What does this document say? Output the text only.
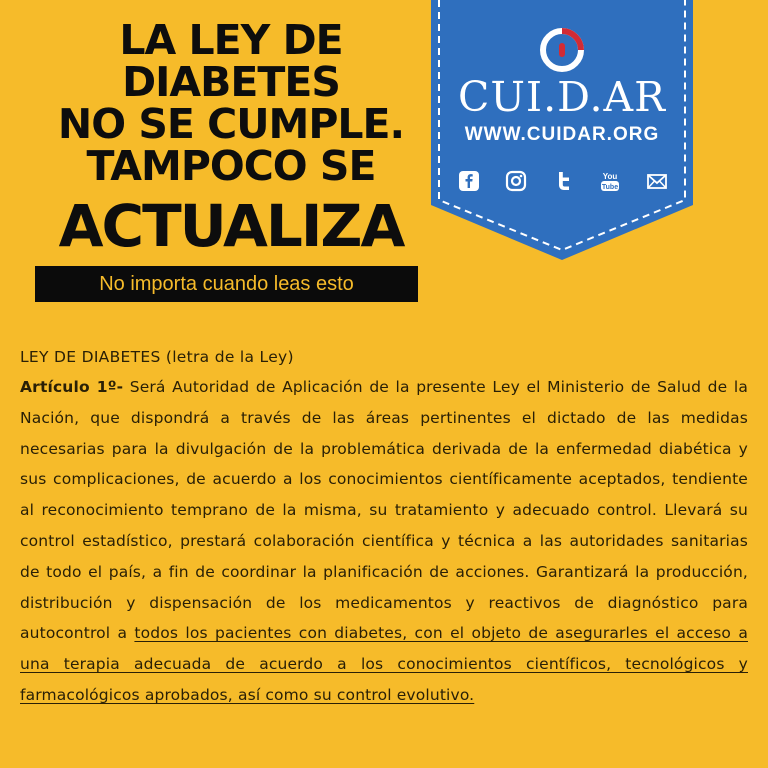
LA LEY DE
DIABETES
NO SE CUMPLE.
TAMPOCO SE
ACTUALIZA
No importa cuando leas esto
CUI.D.AR
WWW.CUIDAR.ORG
You
Tube
LEY DE DIABETES (letra de la Ley)

Artículo 1º- Será Autoridad de Aplicación de la presente Ley el Ministerio de Salud de la Nación, que dispondrá a través de las áreas pertinentes el dictado de las medidas necesarias para la divulgación de la problemática derivada de la enfermedad diabética y sus complicaciones, de acuerdo a los conocimientos científicamente aceptados, tendiente al reconocimiento temprano de la misma, su tratamiento y adecuado control. Llevará su control estadístico, prestará colaboración científica y técnica a las autoridades sanitarias de todo el país, a fin de coordinar la planificación de acciones. Garantizará la producción, distribución y dispensación de los medicamentos y reactivos de diagnóstico para autocontrol a todos los pacientes con diabetes, con el objeto de asegurarles el acceso a una terapia adecuada de acuerdo a los conocimientos científicos, tecnológicos y farmacológicos aprobados, así como su control evolutivo.
